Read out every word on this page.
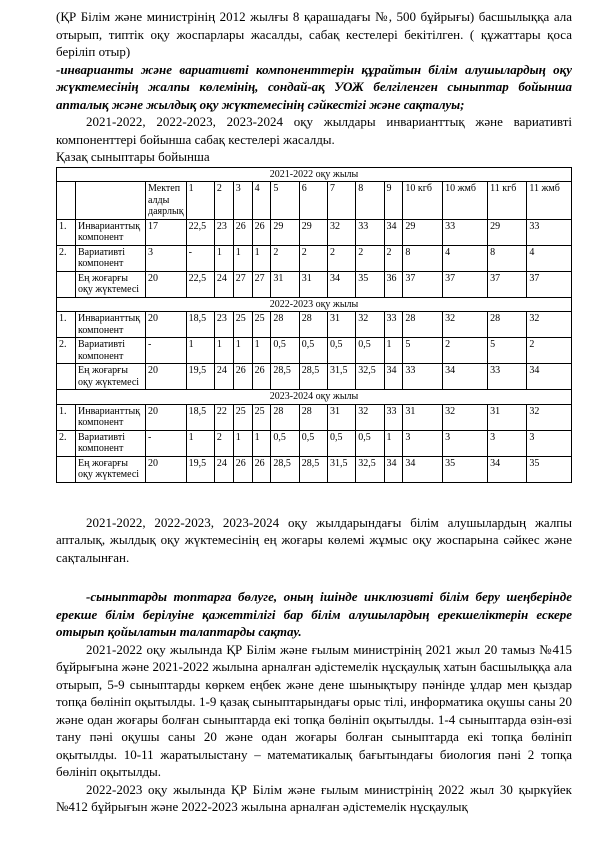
(ҚР Білім және министрінің 2012 жылғы 8 қарашадағы №, 500 бұйрығы) басшылыққа ала отырып, типтік оқу жоспарлары жасалды, сабақ кестелері бекітілген. ( құжаттары қоса беріліп отыр)

-инварианты және вариативті компоненттерін құрайтын білім алушылардың оқу жүктемесінің жалпы көлемінің, сондай-ақ УОЖ белгіленген сыныптар бойынша апталық және жылдық оқу жүктемесінің сәйкестігі және сақталуы;

2021-2022, 2022-2023, 2023-2024 оқу жылдары инварианттық және вариативті компоненттері бойынша сабақ кестелері жасалды.

Қазақ сыныптары бойынша
2021-2022 оқу жылы															
		Мектеп алды даярлық	1	2	3	4	5	6	7	8	9	10 кгб	10 жмб	11 кгб	11 жмб
1.	Инварианттық компонент	17	22,5	23	26	26	29	29	32	33	34	29	33	29	33
2.	Вариативті компонент	3	-	1	1	1	2	2	2	2	2	8	4	8	4
	Ең жоғарғы оқу жүктемесі	20	22,5	24	27	27	31	31	34	35	36	37	37	37	37
2022-2023 оқу жылы															
1.	Инварианттық компонент	20	18,5	23	25	25	28	28	31	32	33	28	32	28	32
2.	Вариативті компонент	-	1	1	1	1	0,5	0,5	0,5	0,5	1	5	2	5	2
	Ең жоғарғы оқу жүктемесі	20	19,5	24	26	26	28,5	28,5	31,5	32,5	34	33	34	33	34
2023-2024 оқу жылы															
1.	Инварианттық компонент	20	18,5	22	25	25	28	28	31	32	33	31	32	31	32
2.	Вариативті компонент	-	1	2	1	1	0,5	0,5	0,5	0,5	1	3	3	3	3
	Ең жоғарғы оқу жүктемесі	20	19,5	24	26	26	28,5	28,5	31,5	32,5	34	34	35	34	35

2021-2022, 2022-2023, 2023-2024 оқу жылдарындағы білім алушылардың жалпы апталық, жылдық оқу жүктемесінің ең жоғары көлемі жұмыс оқу жоспарына сәйкес және сақталынған.

-сыныптарды топтарға бөлуге, оның ішінде инклюзивті білім беру шеңберінде ерекше білім берілуіне қажеттілігі бар білім алушылардың ерекшеліктерін ескере отырып қойылатын талаптарды сақтау.

2021-2022 оқу жылында ҚР Білім және ғылым министрінің 2021 жыл 20 тамыз №415 бұйрығына және 2021-2022 жылына арналған әдістемелік нұсқаулық хатын басшылыққа ала отырып, 5-9 сыныптарды көркем еңбек және дене шынықтыру пәнінде ұлдар мен қыздар топқа бөлініп оқытылды. 1-9 қазақ сыныптарындағы орыс тілі, информатика оқушы саны 20 және одан жоғары болған сыныптарда екі топқа бөлініп оқытылды. 1-4 сыныптарда өзін-өзі тану пәні оқушы саны 20 және одан жоғары болған сыныптарда екі топқа бөлініп оқытылды. 10-11 жаратылыстану – математикалық бағытындағы биология пәні 2 топқа бөлініп оқытылды.

2022-2023 оқу жылында ҚР Білім және ғылым министрінің 2022 жыл 30 қыркүйек №412 бұйрығын және 2022-2023 жылына арналған әдістемелік нұсқаулық
